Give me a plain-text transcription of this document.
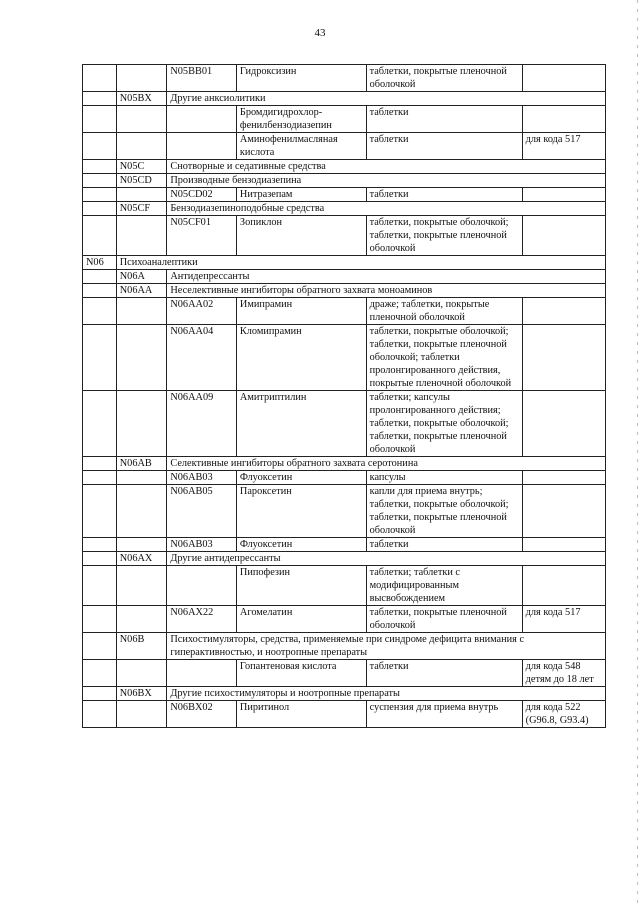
43
		N05BB01	Гидроксизин	таблетки, покрытые пленочной оболочкой	
	N05BX	Другие анксиолитики			
			Бромдигидрохлор-фенилбензодиазепин	таблетки	
			Аминофенилмасляная кислота	таблетки	для кода 517
	N05C	Снотворные и седативные средства			
	N05CD	Производные бензодиазепина			
		N05CD02	Нитразепам	таблетки	
	N05CF	Бензодиазепиноподобные средства			
		N05CF01	Зопиклон	таблетки, покрытые оболочкой; таблетки, покрытые пленочной оболочкой	
N06	Психоаналептики				
	N06A	Антидепрессанты			
	N06AA	Неселективные ингибиторы обратного захвата моноаминов			
		N06AA02	Имипрамин	драже; таблетки, покрытые пленочной оболочкой	
		N06AA04	Кломипрамин	таблетки, покрытые оболочкой; таблетки, покрытые пленочной оболочкой; таблетки пролонгированного действия, покрытые пленочной оболочкой	
		N06AA09	Амитриптилин	таблетки; капсулы пролонгированного действия; таблетки, покрытые оболочкой; таблетки, покрытые пленочной оболочкой	
	N06AB	Селективные ингибиторы обратного захвата серотонина			
		N06AB03	Флуоксетин	капсулы	
		N06AB05	Пароксетин	капли для приема внутрь; таблетки, покрытые оболочкой; таблетки, покрытые пленочной оболочкой	
		N06AB03	Флуоксетин	таблетки	
	N06AX	Другие антидепрессанты			
			Пипофезин	таблетки; таблетки с модифицированным высвобождением	
		N06AX22	Агомелатин	таблетки, покрытые пленочной оболочкой	для кода 517
	N06B	Психостимуляторы, средства, применяемые при синдроме дефицита внимания с гиперактивностью, и ноотропные препараты			
			Гопантеновая кислота	таблетки	для кода 548 детям до 18 лет
	N06BX	Другие психостимуляторы и ноотропные препараты			
		N06BX02	Пиритинол	суспензия для приема внутрь	для кода 522 (G96.8, G93.4)
